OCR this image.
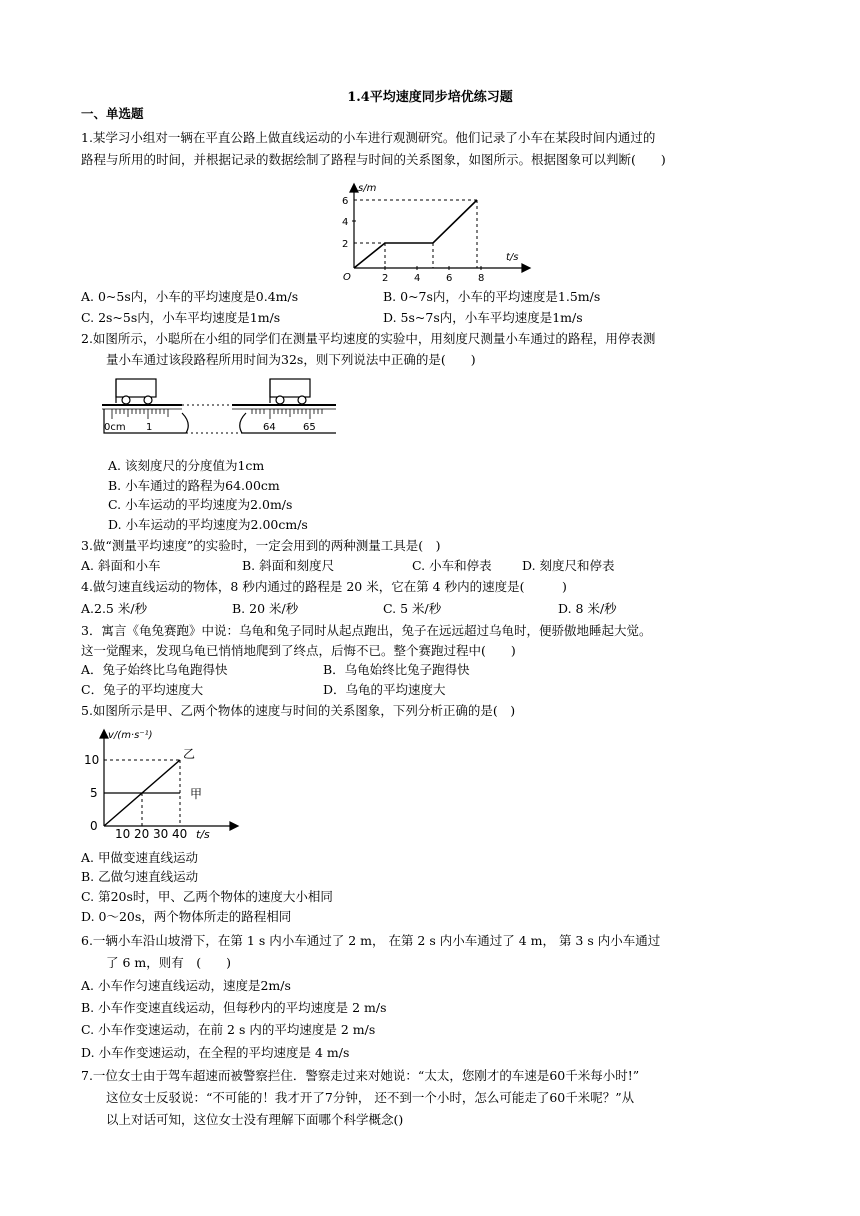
1.4平均速度同步培优练习题
一、单选题
1.某学习小组对一辆在平直公路上做直线运动的小车进行观测研究。他们记录了小车在某段时间内通过的
路程与所用的时间，并根据记录的数据绘制了路程与时间的关系图象，如图所示。根据图象可以判断(　　)
s/m
t/s
O
2
4
6
2	4	6	8
A. 0~5s内，小车的平均速度是0.4m/s	B. 0~7s内，小车的平均速度是1.5m/s
C. 2s~5s内，小车平均速度是1m/s	D. 5s~7s内，小车平均速度是1m/s
2.如图所示，小聪所在小组的同学们在测量平均速度的实验中，用刻度尺测量小车通过的路程，用停表测
量小车通过该段路程所用时间为32s，则下列说法中正确的是(　　)
0cm 1	64	65
A. 该刻度尺的分度值为1cm
B. 小车通过的路程为64.00cm
C. 小车运动的平均速度为2.0m/s
D. 小车运动的平均速度为2.00cm/s
3.做“测量平均速度”的实验时，一定会用到的两种测量工具是(　)
A. 斜面和小车	B. 斜面和刻度尺	C. 小车和停表 D. 刻度尺和停表
4.做匀速直线运动的物体，8 秒内通过的路程是 20 米，它在第 4 秒内的速度是(　　　)
A.2.5 米/秒	B. 20 米/秒	C. 5 米/秒	D. 8 米/秒
3．寓言《龟兔赛跑》中说：乌龟和兔子同时从起点跑出，兔子在远远超过乌龟时，便骄傲地睡起大觉。
这一觉醒来，发现乌龟已悄悄地爬到了终点，后悔不已。整个赛跑过程中(　　)
A．兔子始终比乌龟跑得快	B．乌龟始终比兔子跑得快
C．兔子的平均速度大	D．乌龟的平均速度大
5.如图所示是甲、乙两个物体的速度与时间的关系图象，下列分析正确的是(　)
v/(m·s⁻¹)
t/s
0
5
10
10 20 30 40
乙
甲
A. 甲做变速直线运动
B. 乙做匀速直线运动
C. 第20s时，甲、乙两个物体的速度大小相同
D. 0～20s，两个物体所走的路程相同
6.一辆小车沿山坡滑下，在第 1 s 内小车通过了 2 m， 在第 2 s 内小车通过了 4 m， 第 3 s 内小车通过
了 6 m，则有　(　　)
A. 小车作匀速直线运动，速度是2m/s
B. 小车作变速直线运动，但每秒内的平均速度是 2 m/s
C. 小车作变速运动，在前 2 s 内的平均速度是 2 m/s
D. 小车作变速运动，在全程的平均速度是 4 m/s
7.一位女士由于驾车超速而被警察拦住．警察走过来对她说：“太太，您刚才的车速是60千米每小时!”
这位女士反驳说：“不可能的！我才开了7分钟， 还不到一个小时，怎么可能走了60千米呢？”从
以上对话可知，这位女士没有理解下面哪个科学概念()
